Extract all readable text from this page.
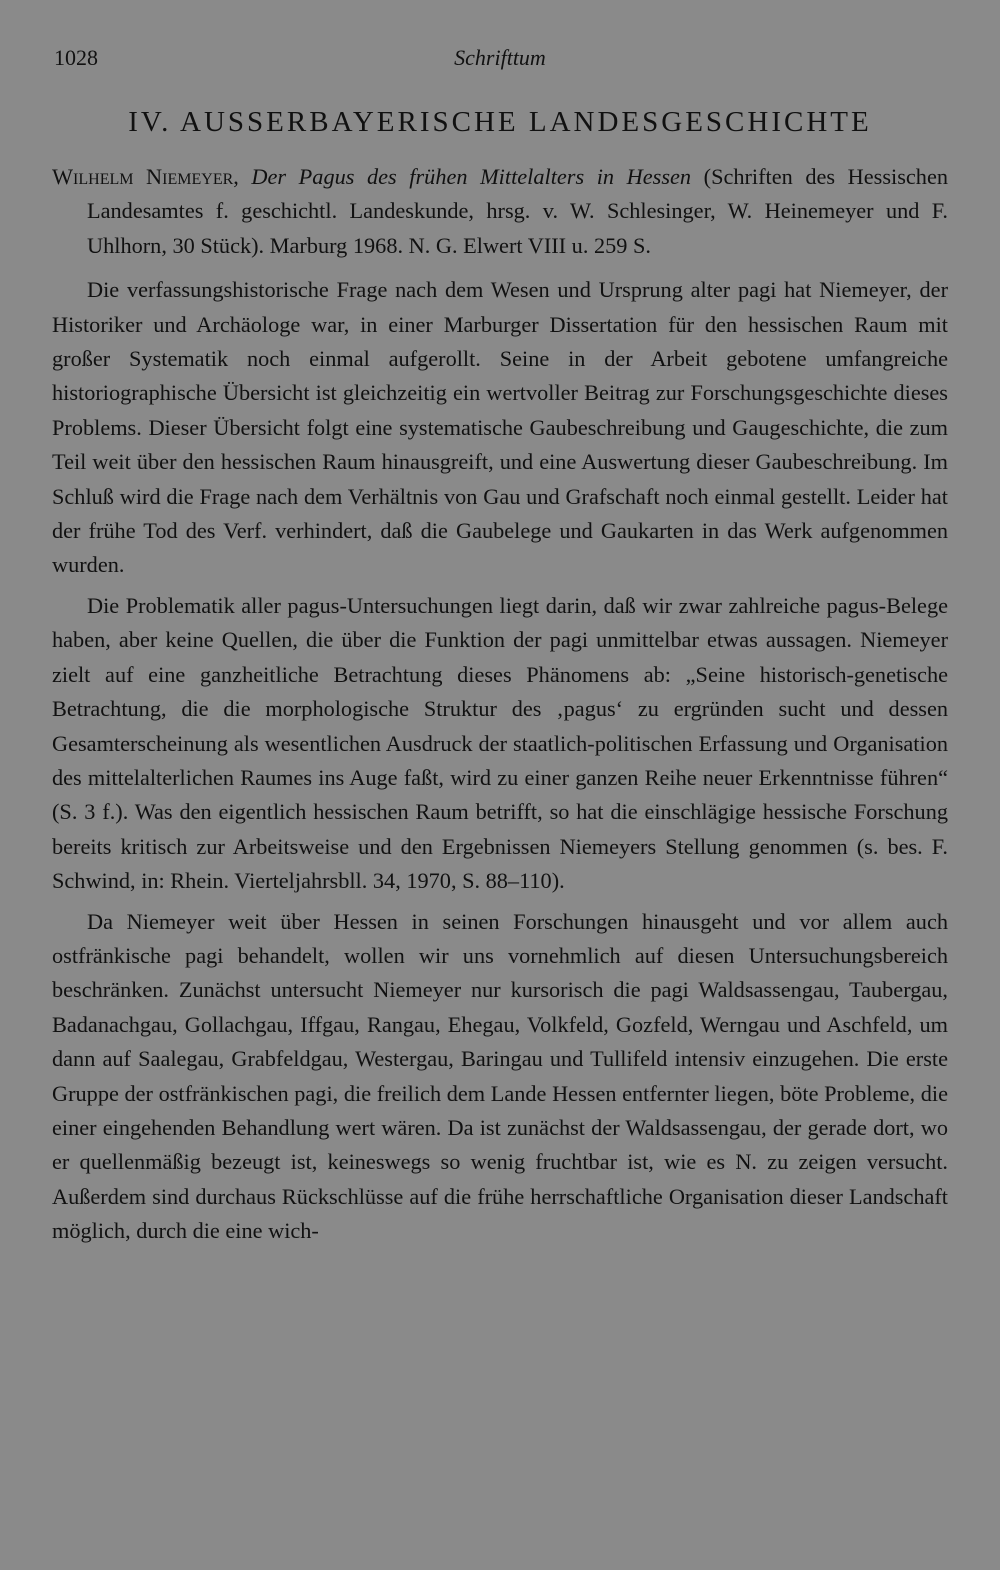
1028	Schrifttum
IV. AUSSERBAYERISCHE LANDESGESCHICHTE

Wilhelm Niemeyer, Der Pagus des frühen Mittelalters in Hessen (Schriften des Hessischen Landesamtes f. geschichtl. Landeskunde, hrsg. v. W. Schlesinger, W. Heinemeyer und F. Uhlhorn, 30 Stück). Marburg 1968. N. G. Elwert VIII u. 259 S.

Die verfassungshistorische Frage nach dem Wesen und Ursprung alter pagi hat Niemeyer, der Historiker und Archäologe war, in einer Marburger Dissertation für den hessischen Raum mit großer Systematik noch einmal aufgerollt. Seine in der Arbeit gebotene umfangreiche historiographische Übersicht ist gleichzeitig ein wertvoller Beitrag zur Forschungsgeschichte dieses Problems. Dieser Übersicht folgt eine systematische Gaubeschreibung und Gaugeschichte, die zum Teil weit über den hessischen Raum hinausgreift, und eine Auswertung dieser Gaubeschreibung. Im Schluß wird die Frage nach dem Verhältnis von Gau und Grafschaft noch einmal gestellt. Leider hat der frühe Tod des Verf. verhindert, daß die Gaubelege und Gaukarten in das Werk aufgenommen wurden.

Die Problematik aller pagus-Untersuchungen liegt darin, daß wir zwar zahlreiche pagus-Belege haben, aber keine Quellen, die über die Funktion der pagi unmittelbar etwas aussagen. Niemeyer zielt auf eine ganzheitliche Betrachtung dieses Phänomens ab: „Seine historisch-genetische Betrachtung, die die morphologische Struktur des ‚pagus‘ zu ergründen sucht und dessen Gesamterscheinung als wesentlichen Ausdruck der staatlich-politischen Erfassung und Organisation des mittelalterlichen Raumes ins Auge faßt, wird zu einer ganzen Reihe neuer Erkenntnisse führen“ (S. 3 f.). Was den eigentlich hessischen Raum betrifft, so hat die einschlägige hessische Forschung bereits kritisch zur Arbeitsweise und den Ergebnissen Niemeyers Stellung genommen (s. bes. F. Schwind, in: Rhein. Vierteljahrsbll. 34, 1970, S. 88–110).

Da Niemeyer weit über Hessen in seinen Forschungen hinausgeht und vor allem auch ostfränkische pagi behandelt, wollen wir uns vornehmlich auf diesen Untersuchungsbereich beschränken. Zunächst untersucht Niemeyer nur kursorisch die pagi Waldsassengau, Taubergau, Badanachgau, Gollachgau, Iffgau, Rangau, Ehegau, Volkfeld, Gozfeld, Werngau und Aschfeld, um dann auf Saalegau, Grabfeldgau, Westergau, Baringau und Tullifeld intensiv einzugehen. Die erste Gruppe der ostfränkischen pagi, die freilich dem Lande Hessen entfernter liegen, böte Probleme, die einer eingehenden Behandlung wert wären. Da ist zunächst der Waldsassengau, der gerade dort, wo er quellenmäßig bezeugt ist, keineswegs so wenig fruchtbar ist, wie es N. zu zeigen versucht. Außerdem sind durchaus Rückschlüsse auf die frühe herrschaftliche Organisation dieser Landschaft möglich, durch die eine wich-
